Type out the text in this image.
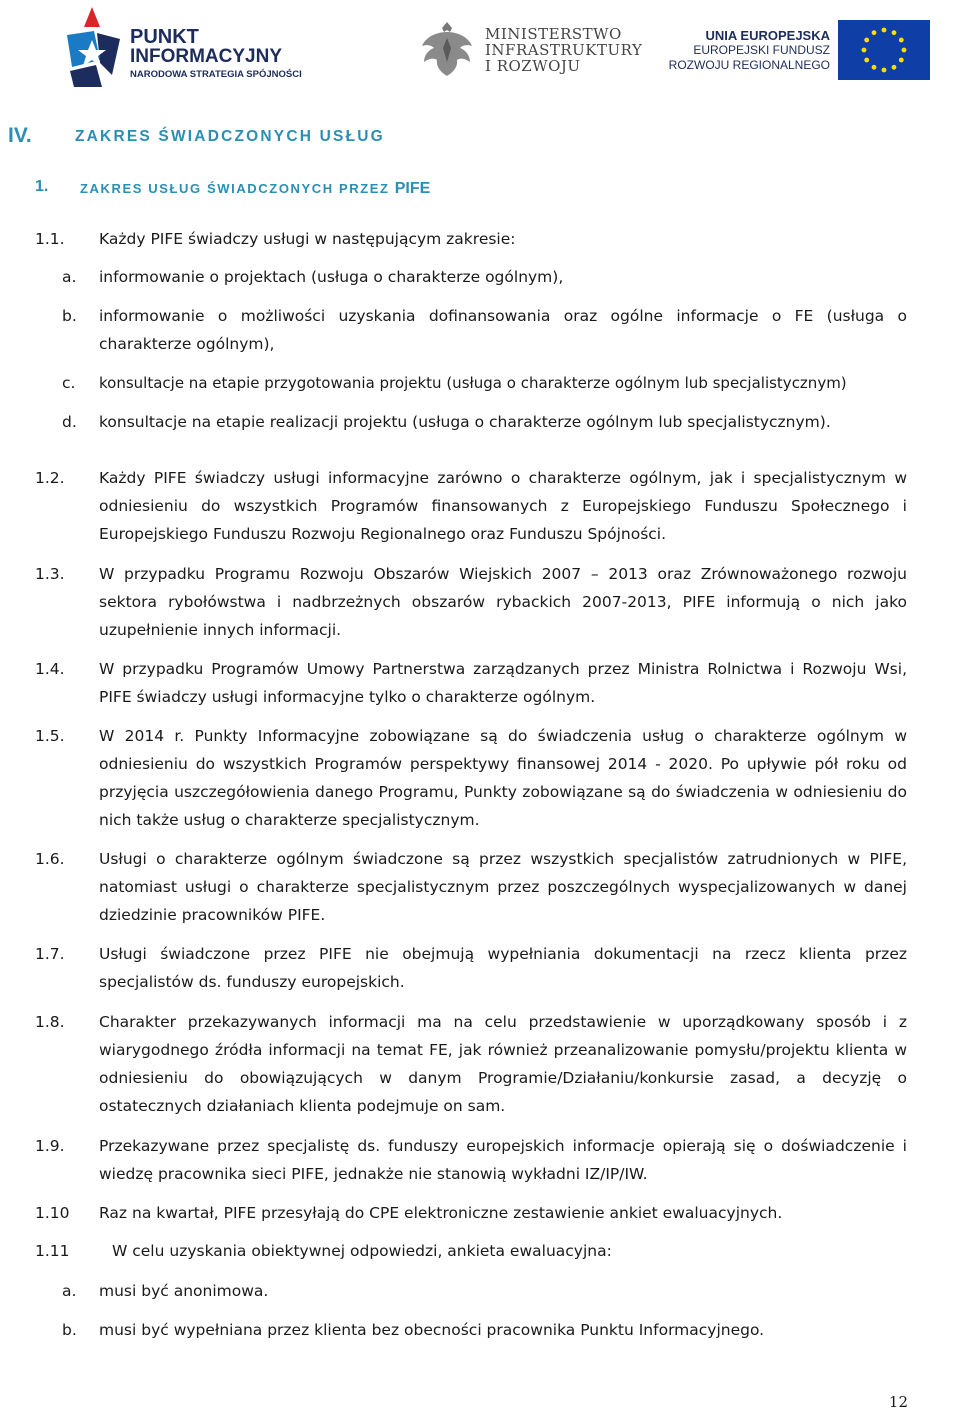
PUNKT
INFORMACYJNY
NARODOWA STRATEGIA SPÓJNOŚCI
MINISTERSTWO
INFRASTRUKTURY
I ROZWOJU
UNIA EUROPEJSKA
EUROPEJSKI FUNDUSZ
ROZWOJU REGIONALNEGO
IV.	ZAKRES ŚWIADCZONYCH USŁUG
1. ZAKRES USŁUG ŚWIADCZONYCH PRZEZ PIFE
1.1. Każdy PIFE świadczy usługi w następującym zakresie:
a. informowanie o projektach (usługa o charakterze ogólnym),
b. informowanie o możliwości uzyskania dofinansowania oraz ogólne informacje o FE (usługa o charakterze ogólnym),
c. konsultacje na etapie przygotowania projektu (usługa o charakterze ogólnym lub specjalistycznym)
d. konsultacje na etapie realizacji projektu (usługa o charakterze ogólnym lub specjalistycznym).
1.2. Każdy PIFE świadczy usługi informacyjne zarówno o charakterze ogólnym, jak i specjalistycznym w odniesieniu do wszystkich Programów finansowanych z Europejskiego Funduszu Społecznego i Europejskiego Funduszu Rozwoju Regionalnego oraz Funduszu Spójności.
1.3. W przypadku Programu Rozwoju Obszarów Wiejskich 2007 – 2013 oraz Zrównoważonego rozwoju sektora rybołówstwa i nadbrzeżnych obszarów rybackich 2007-2013, PIFE informują o nich jako uzupełnienie innych informacji.
1.4. W przypadku Programów Umowy Partnerstwa zarządzanych przez Ministra Rolnictwa i Rozwoju Wsi, PIFE świadczy usługi informacyjne tylko o charakterze ogólnym.
1.5. W 2014 r. Punkty Informacyjne zobowiązane są do świadczenia usług o charakterze ogólnym w odniesieniu do wszystkich Programów perspektywy finansowej 2014 - 2020. Po upływie pół roku od przyjęcia uszczegółowienia danego Programu, Punkty zobowiązane są do świadczenia w odniesieniu do nich także usług o charakterze specjalistycznym.
1.6. Usługi o charakterze ogólnym świadczone są przez wszystkich specjalistów zatrudnionych w PIFE, natomiast usługi o charakterze specjalistycznym przez poszczególnych wyspecjalizowanych w danej dziedzinie pracowników PIFE.
1.7. Usługi świadczone przez PIFE nie obejmują wypełniania dokumentacji na rzecz klienta przez specjalistów ds. funduszy europejskich.
1.8. Charakter przekazywanych informacji ma na celu przedstawienie w uporządkowany sposób i z wiarygodnego źródła informacji na temat FE, jak również przeanalizowanie pomysłu/projektu klienta w odniesieniu do obowiązujących w danym Programie/Działaniu/konkursie zasad, a decyzję o ostatecznych działaniach klienta podejmuje on sam.
1.9. Przekazywane przez specjalistę ds. funduszy europejskich informacje opierają się o doświadczenie i wiedzę pracownika sieci PIFE, jednakże nie stanowią wykładni IZ/IP/IW.
1.10 Raz na kwartał, PIFE przesyłają do CPE elektroniczne zestawienie ankiet ewaluacyjnych.
1.11	W celu uzyskania obiektywnej odpowiedzi, ankieta ewaluacyjna:
a. musi być anonimowa.
b. musi być wypełniana przez klienta bez obecności pracownika Punktu Informacyjnego.
12
